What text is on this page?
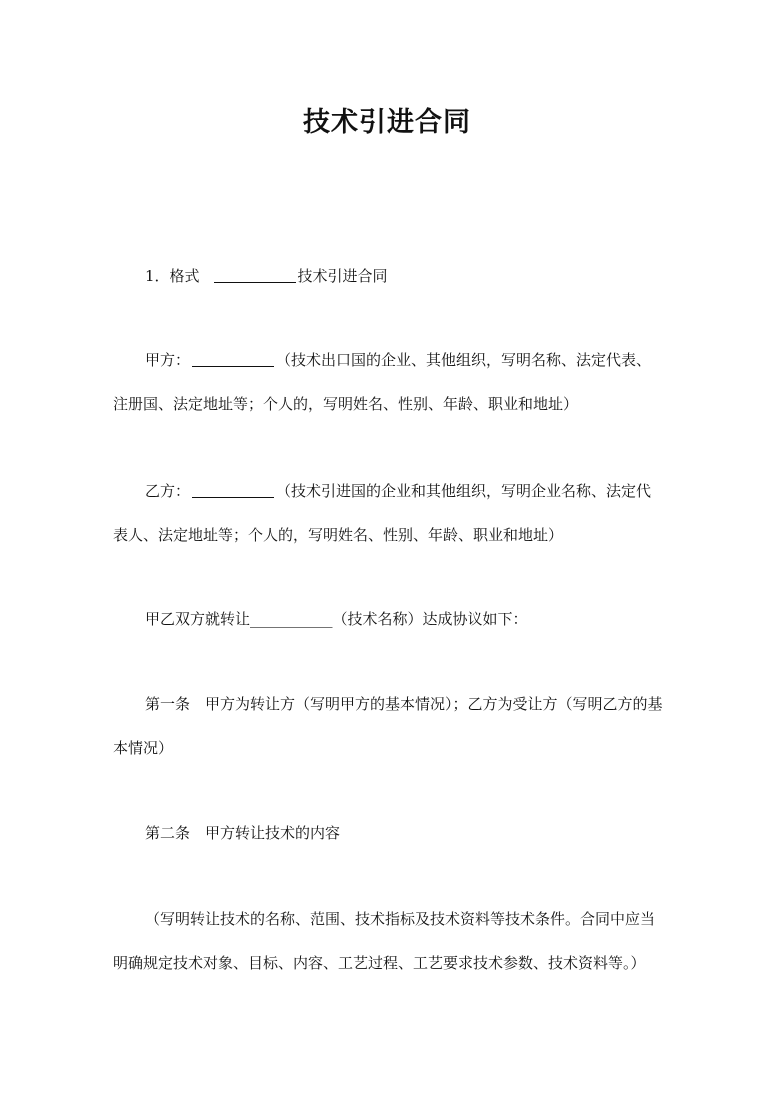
技术引进合同

1．格式	技术引进合同

甲方：	（技术出口国的企业、其他组织，写明名称、法定代表、注册国、法定地址等；个人的，写明姓名、性别、年龄、职业和地址）

乙方：	（技术引进国的企业和其他组织，写明企业名称、法定代表人、法定地址等；个人的，写明姓名、性别、年龄、职业和地址）

甲乙双方就转让___________（技术名称）达成协议如下：

第一条　甲方为转让方（写明甲方的基本情况）；乙方为受让方（写明乙方的基本情况）

第二条　甲方转让技术的内容

（写明转让技术的名称、范围、技术指标及技术资料等技术条件。合同中应当明确规定技术对象、目标、内容、工艺过程、工艺要求技术参数、技术资料等。）
